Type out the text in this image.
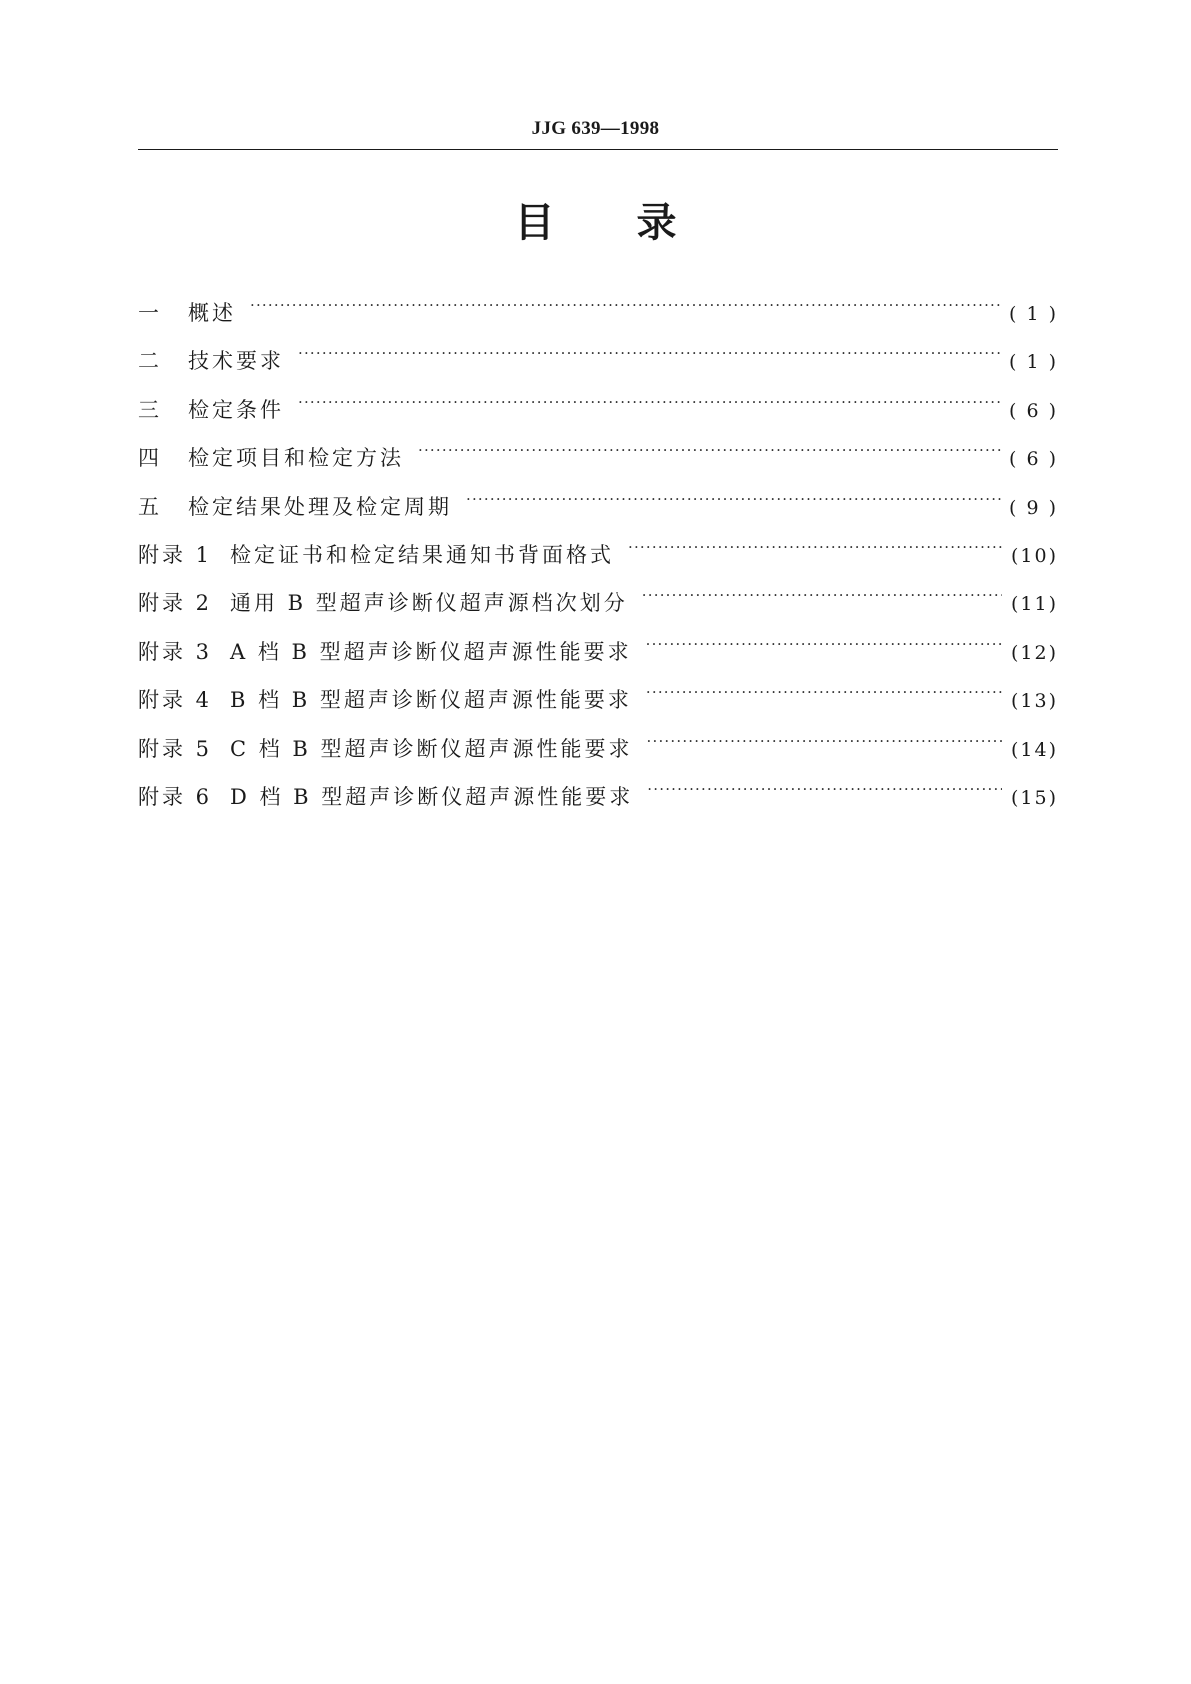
JJG 639—1998
目 录
一	概述 ·····	( 1 )
二	技术要求 ·····	( 1 )
三	检定条件 ·····	( 6 )
四	检定项目和检定方法 ·····	( 6 )
五	检定结果处理及检定周期 ·····	( 9 )
附录 1 检定证书和检定结果通知书背面格式 ·····	(10)
附录 2 通用 B 型超声诊断仪超声源档次划分 ·····	(11)
附录 3 A 档 B 型超声诊断仪超声源性能要求 ·····	(12)
附录 4 B 档 B 型超声诊断仪超声源性能要求 ·····	(13)
附录 5 C 档 B 型超声诊断仪超声源性能要求 ·····	(14)
附录 6 D 档 B 型超声诊断仪超声源性能要求 ·····	(15)
